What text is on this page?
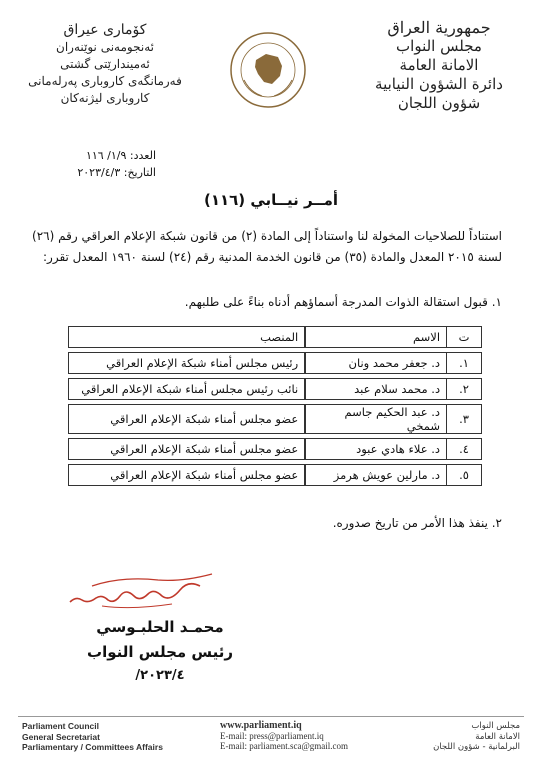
جمهورية العراق
مجلس النواب
الامانة العامة
دائرة الشؤون النيابية
شؤون اللجان
كۆماری عیراق
ئەنجومەنی نوێنەران
ئەمیندارێتی گشتی
فەرمانگەی كاروباری پەرلەمانی
كاروباری لیژنەكان
العدد: ١/٩/ ١١٦
التاريخ: ٢٠٢٣/٤/٣
أمــر نيــابي (١١٦)
استناداً للصلاحيات المخولة لنا واستناداً إلى المادة (٢) من قانون شبكة الإعلام العراقي رقم (٢٦) لسنة ٢٠١٥ المعدل والمادة (٣٥) من قانون الخدمة المدنية رقم (٢٤) لسنة ١٩٦٠ المعدل تقرر:
١. قبول استقالة الذوات المدرجة أسماؤهم أدناه بناءً على طلبهم.
ت	الاسم	المنصب
١.	د. جعفر محمد ونان	رئيس مجلس أمناء شبكة الإعلام العراقي
٢.	د. محمد سلام عبد	نائب رئيس مجلس أمناء شبكة الإعلام العراقي
٣.	د. عبد الحكيم جاسم شمخي	عضو مجلس أمناء شبكة الإعلام العراقي
٤.	د. علاء هادي عبود	عضو مجلس أمناء شبكة الإعلام العراقي
٥.	د. مارلين عويش هرمز	عضو مجلس أمناء شبكة الإعلام العراقي
٢. ينفذ هذا الأمر من تاريخ صدوره.
محمـد الحلبـوسي
رئيس مجلس النواب
٢٠٢٣/٤/
Parliament Council
General Secretariat
Parliamentary / Committees Affairs
www.parliament.iq
E-mail: press@parliament.iq
E-mail: parliament.sca@gmail.com
مجلس النواب
الامانة العامة
البرلمانية - شؤون اللجان
